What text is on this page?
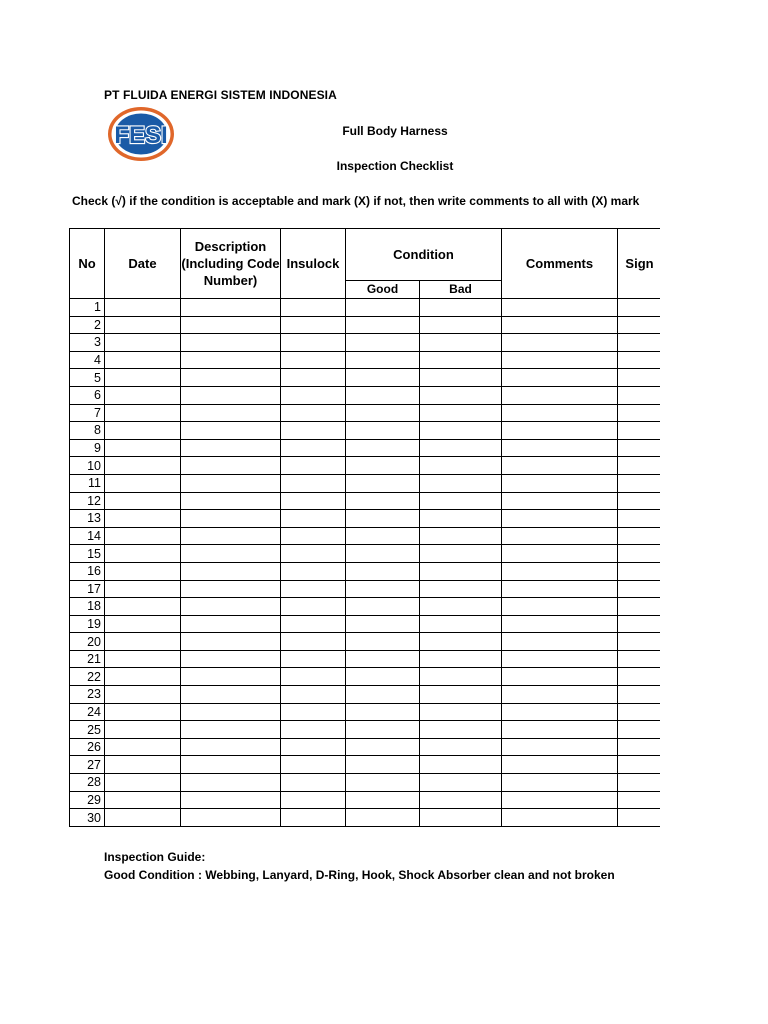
PT FLUIDA ENERGI SISTEM INDONESIA
FESI	Full Body Harness
Inspection Checklist
Check (√) if the condition is acceptable and mark (X) if not, then write comments to all with (X) mark
No	Date	Description (Including Code Number)	Insulock	Condition		Comments	Sign
				Good	Bad		
1							
2							
3							
4							
5							
6							
7							
8							
9							
10							
11							
12							
13							
14							
15							
16							
17							
18							
19							
20							
21							
22							
23							
24							
25							
26							
27							
28							
29							
30							
Inspection Guide:
Good Condition : Webbing, Lanyard, D-Ring, Hook, Shock Absorber clean and not broken
